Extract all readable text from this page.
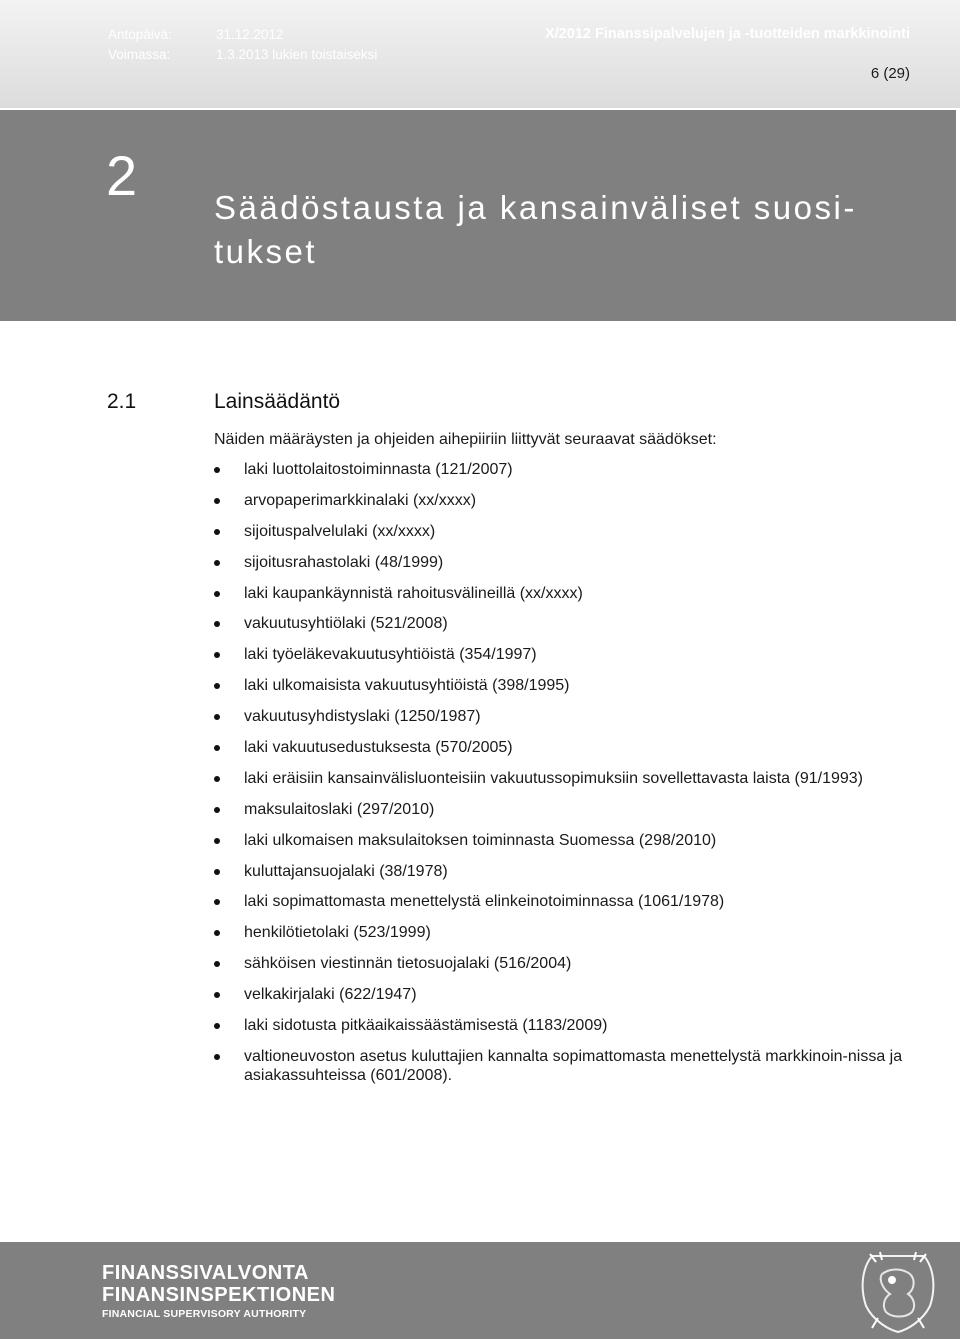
Antopäivä:	31.12.2012
Voimassa:	1.3.2013 lukien toistaiseksi
X/2012 Finanssipalvelujen ja -tuotteiden markkinointi
6 (29)
2
Säädöstausta ja kansainväliset suosi-tukset
2.1	Lainsäädäntö
Näiden määräysten ja ohjeiden aihepiiriin liittyvät seuraavat säädökset:
laki luottolaitostoiminnasta (121/2007)
arvopaperimarkkinalaki (xx/xxxx)
sijoituspalvelulaki (xx/xxxx)
sijoitusrahastolaki (48/1999)
laki kaupankäynnistä rahoitusvälineillä (xx/xxxx)
vakuutusyhtiölaki (521/2008)
laki työeläkevakuutusyhtiöistä (354/1997)
laki ulkomaisista vakuutusyhtiöistä (398/1995)
vakuutusyhdistyslaki (1250/1987)
laki vakuutusedustuksesta (570/2005)
laki eräisiin kansainvälisluonteisiin vakuutussopimuksiin sovellettavasta laista (91/1993)
maksulaitoslaki (297/2010)
laki ulkomaisen maksulaitoksen toiminnasta Suomessa (298/2010)
kuluttajansuojalaki (38/1978)
laki sopimattomasta menettelystä elinkeinotoiminnassa (1061/1978)
henkilötietolaki (523/1999)
sähköisen viestinnän tietosuojalaki (516/2004)
velkakirjalaki (622/1947)
laki sidotusta pitkäaikaissäästämisestä (1183/2009)
valtioneuvoston asetus kuluttajien kannalta sopimattomasta menettelystä markkinoin-nissa ja asiakassuhteissa (601/2008).
FINANSSIVALVONTA
FINANSINSPEKTIONEN
FINANCIAL SUPERVISORY AUTHORITY
